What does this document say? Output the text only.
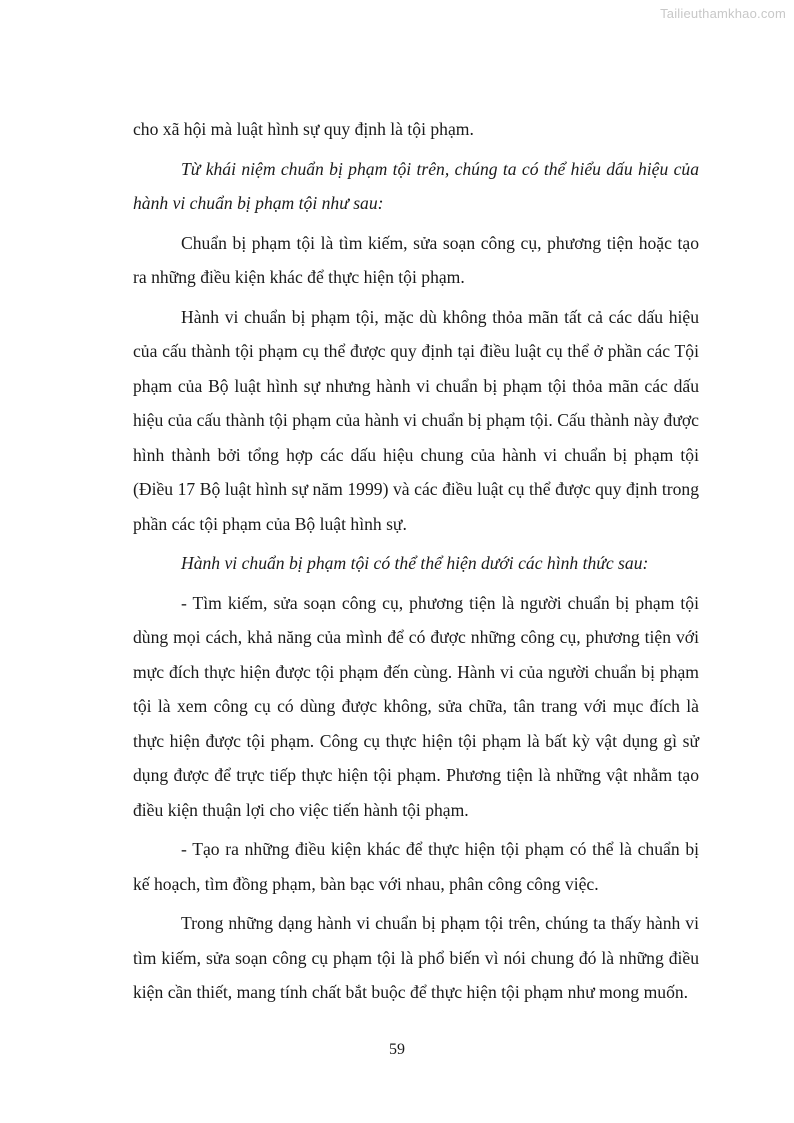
Tailieuthamkhao.com

cho xã hội mà luật hình sự quy định là tội phạm.

Từ khái niệm chuẩn bị phạm tội trên, chúng ta có thể hiểu dấu hiệu của hành vi chuẩn bị phạm tội như sau:

Chuẩn bị phạm tội là tìm kiếm, sửa soạn công cụ, phương tiện hoặc tạo ra những điều kiện khác để thực hiện tội phạm.

Hành vi chuẩn bị phạm tội, mặc dù không thỏa mãn tất cả các dấu hiệu của cấu thành tội phạm cụ thể được quy định tại điều luật cụ thể ở phần các Tội phạm của Bộ luật hình sự nhưng hành vi chuẩn bị phạm tội thỏa mãn các dấu hiệu của cấu thành tội phạm của hành vi chuẩn bị phạm tội. Cấu thành này được hình thành bởi tổng hợp các dấu hiệu chung của hành vi chuẩn bị phạm tội (Điều 17 Bộ luật hình sự năm 1999) và các điều luật cụ thể được quy định trong phần các tội phạm của Bộ luật hình sự.

Hành vi chuẩn bị phạm tội có thể thể hiện dưới các hình thức sau:

- Tìm kiếm, sửa soạn công cụ, phương tiện là người chuẩn bị phạm tội dùng mọi cách, khả năng của mình để có được những công cụ, phương tiện với mực đích thực hiện được tội phạm đến cùng. Hành vi của người chuẩn bị phạm tội là xem công cụ có dùng được không, sửa chữa, tân trang với mục đích là thực hiện được tội phạm. Công cụ thực hiện tội phạm là bất kỳ vật dụng gì sử dụng được để trực tiếp thực hiện tội phạm. Phương tiện là những vật nhằm tạo điều kiện thuận lợi cho việc tiến hành tội phạm.

- Tạo ra những điều kiện khác để thực hiện tội phạm có thể là chuẩn bị kế hoạch, tìm đồng phạm, bàn bạc với nhau, phân công công việc.

Trong những dạng hành vi chuẩn bị phạm tội trên, chúng ta thấy hành vi tìm kiếm, sửa soạn công cụ phạm tội là phổ biến vì nói chung đó là những điều kiện cần thiết, mang tính chất bắt buộc để thực hiện tội phạm như mong muốn.

59
